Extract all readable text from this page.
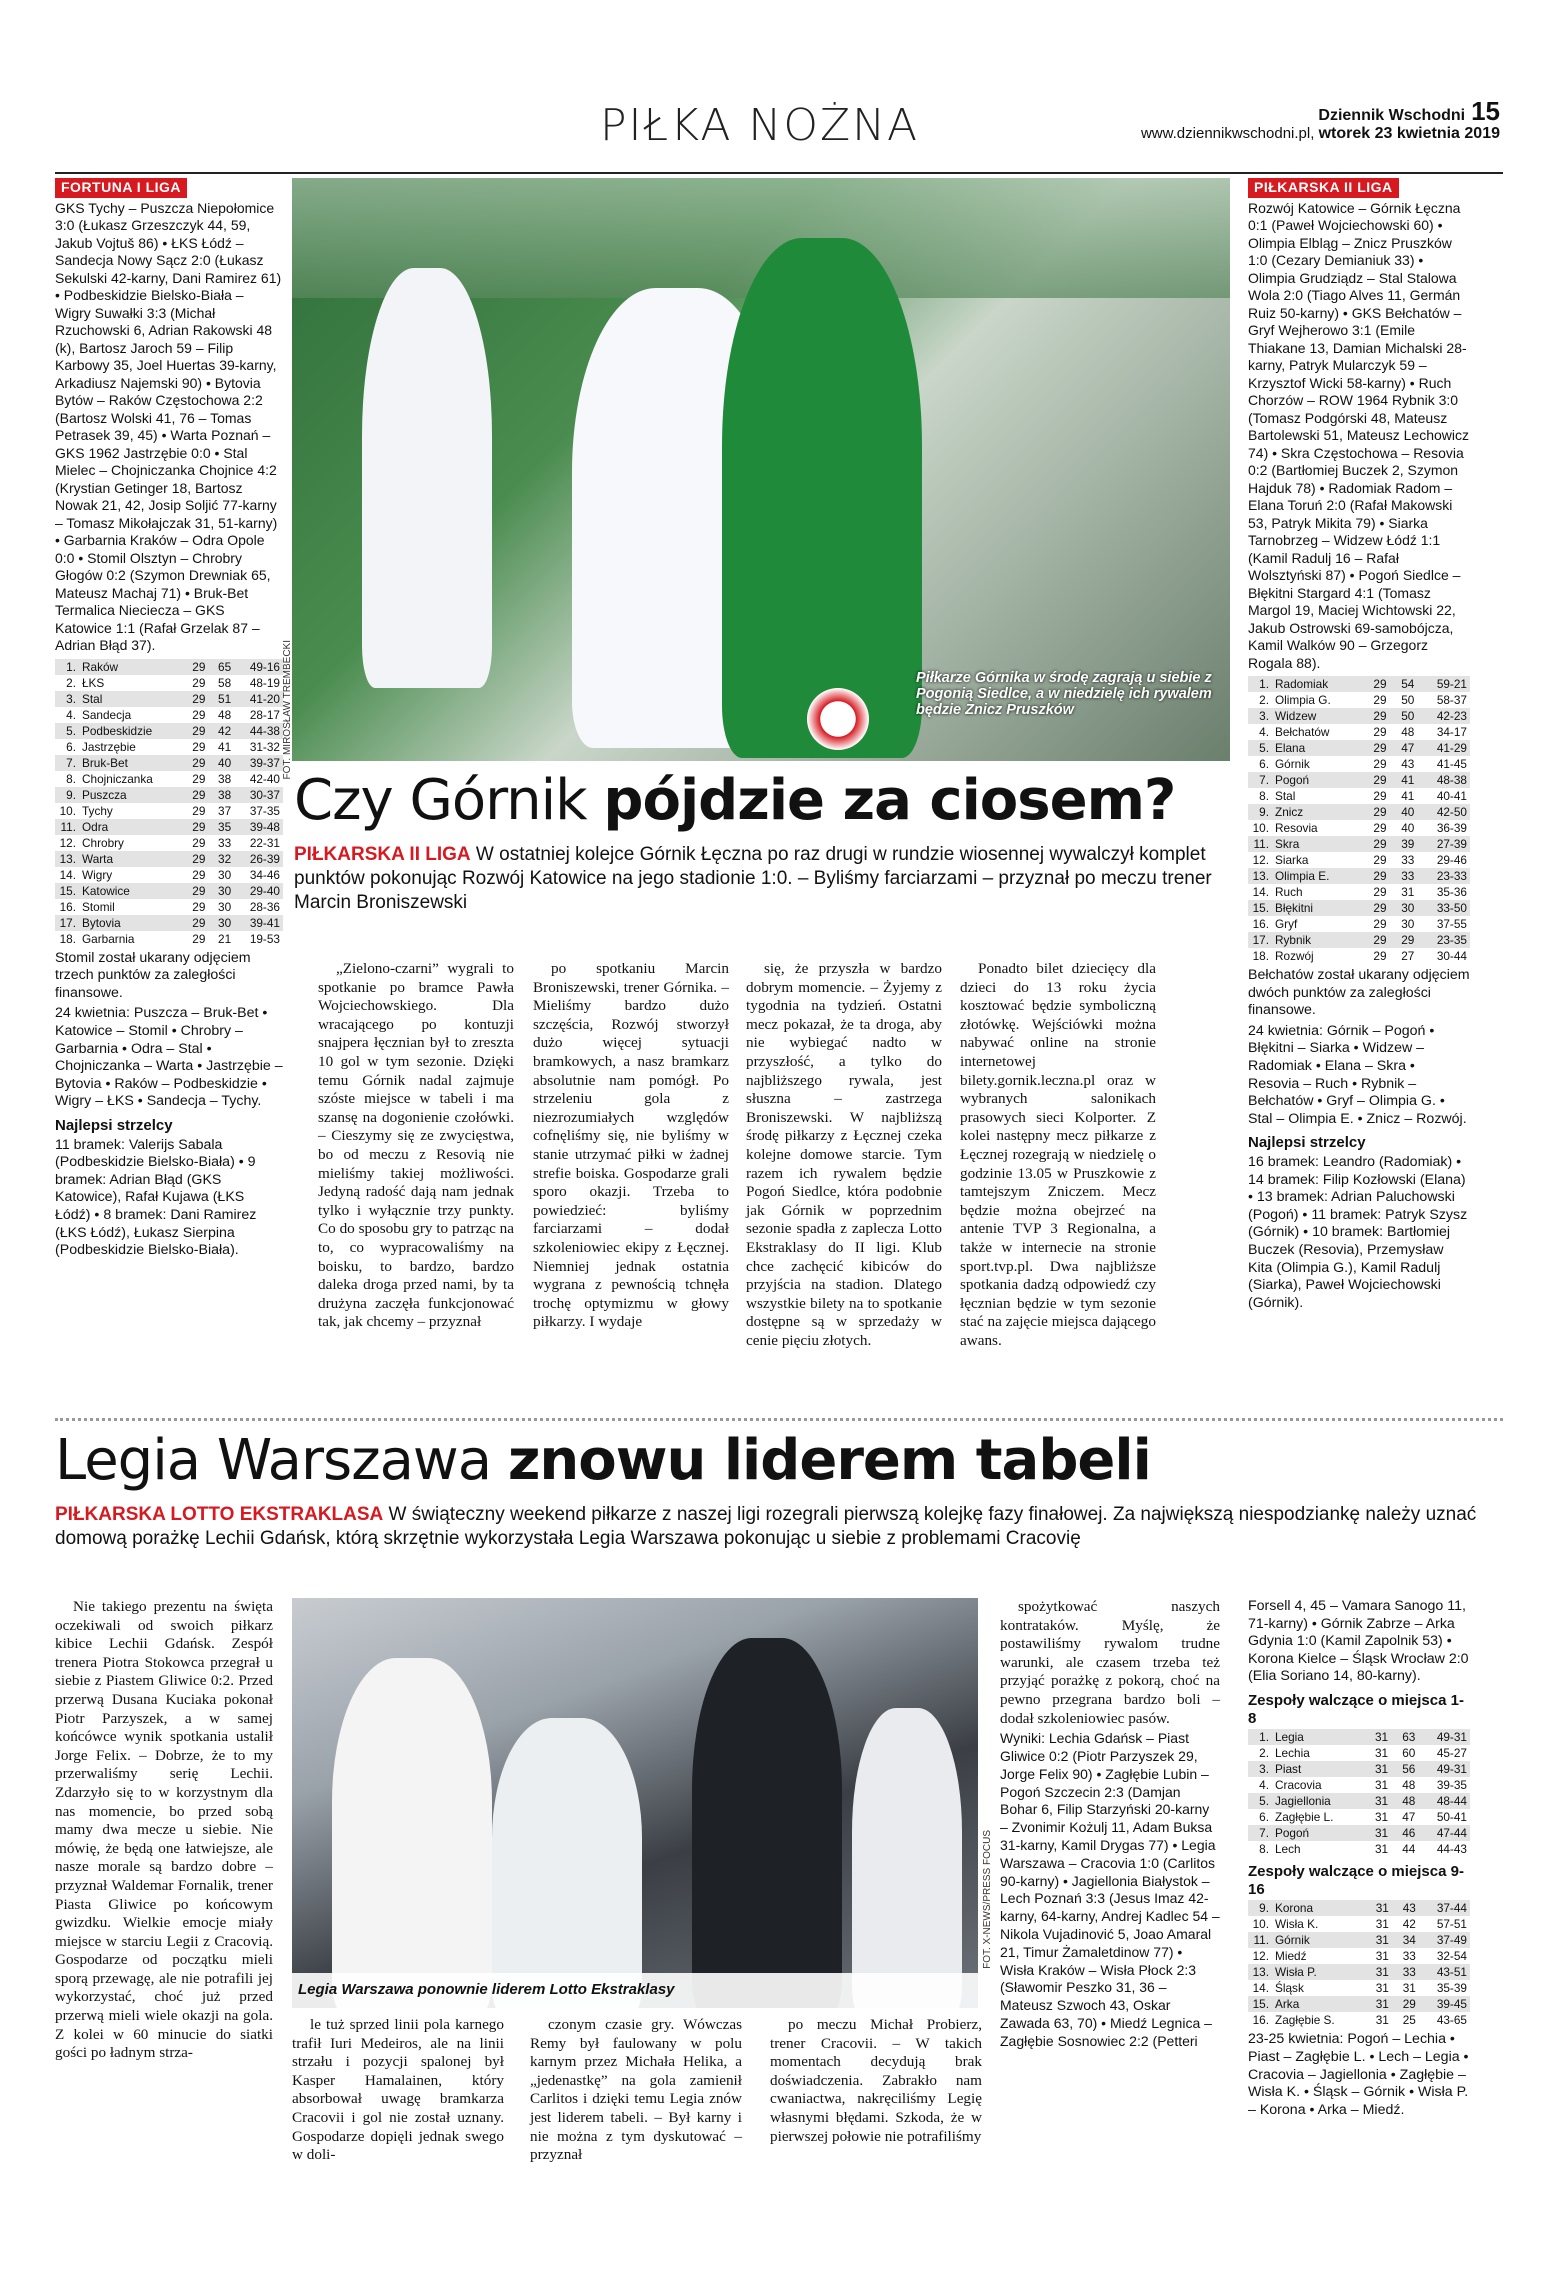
PIŁKA NOŻNA	Dziennik Wschodni 15
www.dziennikwschodni.pl, wtorek 23 kwietnia 2019
FORTUNA I LIGA
GKS Tychy – Puszcza Niepołomice 3:0 (Łukasz Grzeszczyk 44, 59, Jakub Vojtuš 86) • ŁKS Łódź – Sandecja Nowy Sącz 2:0 (Łukasz Sekulski 42-karny, Dani Ramirez 61) • Podbeskidzie Bielsko-Biała – Wigry Suwałki 3:3 (Michał Rzuchowski 6, Adrian Rakowski 48 (k), Bartosz Jaroch 59 – Filip Karbowy 35, Joel Huertas 39-karny, Arkadiusz Najemski 90) • Bytovia Bytów – Raków Częstochowa 2:2 (Bartosz Wolski 41, 76 – Tomas Petrasek 39, 45) • Warta Poznań – GKS 1962 Jastrzębie 0:0 • Stal Mielec – Chojniczanka Chojnice 4:2 (Krystian Getinger 18, Bartosz Nowak 21, 42, Josip Soljić 77-karny – Tomasz Mikołajczak 31, 51-karny) • Garbarnia Kraków – Odra Opole 0:0 • Stomil Olsztyn – Chrobry Głogów 0:2 (Szymon Drewniak 65, Mateusz Machaj 71) • Bruk-Bet Termalica Nieciecza – GKS Katowice 1:1 (Rafał Grzelak 87 – Adrian Błąd 37).
1.	Raków	29	65	49-16
2.	ŁKS	29	58	48-19
3.	Stal	29	51	41-20
4.	Sandecja	29	48	28-17
5.	Podbeskidzie	29	42	44-38
6.	Jastrzębie	29	41	31-32
7.	Bruk-Bet	29	40	39-37
8.	Chojniczanka	29	38	42-40
9.	Puszcza	29	38	30-37
10.	Tychy	29	37	37-35
11.	Odra	29	35	39-48
12.	Chrobry	29	33	22-31
13.	Warta	29	32	26-39
14.	Wigry	29	30	34-46
15.	Katowice	29	30	29-40
16.	Stomil	29	30	28-36
17.	Bytovia	29	30	39-41
18.	Garbarnia	29	21	19-53
Stomil został ukarany odjęciem trzech punktów za zaległości finansowe.
24 kwietnia: Puszcza – Bruk-Bet • Katowice – Stomil • Chrobry – Garbarnia • Odra – Stal • Chojniczanka – Warta • Jastrzębie – Bytovia • Raków – Podbeskidzie • Wigry – ŁKS • Sandecja – Tychy.
Najlepsi strzelcy
11 bramek: Valerijs Sabala (Podbeskidzie Bielsko-Biała) • 9 bramek: Adrian Błąd (GKS Katowice), Rafał Kujawa (ŁKS Łódź) • 8 bramek: Dani Ramirez (ŁKS Łódź), Łukasz Sierpina (Podbeskidzie Bielsko-Biała).
Piłkarze Górnika w środę zagrają u siebie z Pogonią Siedlce, a w niedzielę ich rywalem będzie Znicz Pruszków
FOT. MIROSŁAW TREMBECKI
Czy Górnik pójdzie za ciosem?
PIŁKARSKA II LIGA W ostatniej kolejce Górnik Łęczna po raz drugi w rundzie wiosennej wywalczył komplet punktów pokonując Rozwój Katowice na jego stadionie 1:0. – Byliśmy farciarzami – przyznał po meczu trener Marcin Broniszewski

„Zielono-czarni” wygrali to spotkanie po bramce Pawła Wojciechowskiego. Dla wracającego po kontuzji snajpera łęcznian był to zreszta 10 gol w tym sezonie. Dzięki temu Górnik nadal zajmuje szóste miejsce w tabeli i ma szansę na dogonienie czołówki. – Cieszymy się ze zwycięstwa, bo od meczu z Resovią nie mieliśmy takiej możliwości. Jedyną radość dają nam jednak tylko i wyłącznie trzy punkty. Co do sposobu gry to patrząc na to, co wypracowaliśmy na boisku, to bardzo, bardzo daleka droga przed nami, by ta drużyna zaczęła funkcjonować tak, jak chcemy – przyznał

po spotkaniu Marcin Broniszewski, trener Górnika. – Mieliśmy bardzo dużo szczęścia, Rozwój stworzył dużo więcej sytuacji bramkowych, a nasz bramkarz absolutnie nam pomógł. Po strzeleniu gola z niezrozumiałych względów cofnęliśmy się, nie byliśmy w stanie utrzymać piłki w żadnej strefie boiska. Gospodarze grali sporo okazji. Trzeba to powiedzieć: byliśmy farciarzami – dodał szkoleniowiec ekipy z Łęcznej. Niemniej jednak ostatnia wygrana z pewnością tchnęła trochę optymizmu w głowy piłkarzy. I wydaje

się, że przyszła w bardzo dobrym momencie. – Żyjemy z tygodnia na tydzień. Ostatni mecz pokazał, że ta droga, aby nie wybiegać nadto w przyszłość, a tylko do najbliższego rywala, jest słuszna – zastrzega Broniszewski. W najbliższą środę piłkarzy z Łęcznej czeka kolejne domowe starcie. Tym razem ich rywalem będzie Pogoń Siedlce, która podobnie jak Górnik w poprzednim sezonie spadła z zaplecza Lotto Ekstraklasy do II ligi. Klub chce zachęcić kibiców do przyjścia na stadion. Dlatego wszystkie bilety na to spotkanie dostępne są w sprzedaży w cenie pięciu złotych.

Ponadto bilet dziecięcy dla dzieci do 13 roku życia kosztować będzie symboliczną złotówkę. Wejściówki można nabywać online na stronie internetowej bilety.gornik.leczna.pl oraz w wybranych salonikach prasowych sieci Kolporter. Z kolei następny mecz piłkarze z Łęcznej rozegrają w niedzielę o godzinie 13.05 w Pruszkowie z tamtejszym Zniczem. Mecz będzie można obejrzeć na antenie TVP 3 Regionalna, a także w internecie na stronie sport.tvp.pl. Dwa najbliższe spotkania dadzą odpowiedź czy łęcznian będzie w tym sezonie stać na zajęcie miejsca dającego awans.

PIŁKARSKA II LIGA
Rozwój Katowice – Górnik Łęczna 0:1 (Paweł Wojciechowski 60) • Olimpia Elbląg – Znicz Pruszków 1:0 (Cezary Demianiuk 33) • Olimpia Grudziądz – Stal Stalowa Wola 2:0 (Tiago Alves 11, Germán Ruiz 50-karny) • GKS Bełchatów – Gryf Wejherowo 3:1 (Emile Thiakane 13, Damian Michalski 28-karny, Patryk Mularczyk 59 – Krzysztof Wicki 58-karny) • Ruch Chorzów – ROW 1964 Rybnik 3:0 (Tomasz Podgórski 48, Mateusz Bartolewski 51, Mateusz Lechowicz 74) • Skra Częstochowa – Resovia 0:2 (Bartłomiej Buczek 2, Szymon Hajduk 78) • Radomiak Radom – Elana Toruń 2:0 (Rafał Makowski 53, Patryk Mikita 79) • Siarka Tarnobrzeg – Widzew Łódź 1:1 (Kamil Radulj 16 – Rafał Wolsztyński 87) • Pogoń Siedlce – Błękitni Stargard 4:1 (Tomasz Margol 19, Maciej Wichtowski 22, Jakub Ostrowski 69-samobójcza, Kamil Walków 90 – Grzegorz Rogala 88).
1.	Radomiak	29	54	59-21
2.	Olimpia G.	29	50	58-37
3.	Widzew	29	50	42-23
4.	Bełchatów	29	48	34-17
5.	Elana	29	47	41-29
6.	Górnik	29	43	41-45
7.	Pogoń	29	41	48-38
8.	Stal	29	41	40-41
9.	Znicz	29	40	42-50
10.	Resovia	29	40	36-39
11.	Skra	29	39	27-39
12.	Siarka	29	33	29-46
13.	Olimpia E.	29	33	23-33
14.	Ruch	29	31	35-36
15.	Błękitni	29	30	33-50
16.	Gryf	29	30	37-55
17.	Rybnik	29	29	23-35
18.	Rozwój	29	27	30-44
Bełchatów został ukarany odjęciem dwóch punktów za zaległości finansowe.
24 kwietnia: Górnik – Pogoń • Błękitni – Siarka • Widzew – Radomiak • Elana – Skra • Resovia – Ruch • Rybnik – Bełchatów • Gryf – Olimpia G. • Stal – Olimpia E. • Znicz – Rozwój.
Najlepsi strzelcy
16 bramek: Leandro (Radomiak) • 14 bramek: Filip Kozłowski (Elana) • 13 bramek: Adrian Paluchowski (Pogoń) • 11 bramek: Patryk Szysz (Górnik) • 10 bramek: Bartłomiej Buczek (Resovia), Przemysław Kita (Olimpia G.), Kamil Radulj (Siarka), Paweł Wojciechowski (Górnik).
Legia Warszawa znowu liderem tabeli
PIŁKARSKA LOTTO EKSTRAKLASA W świąteczny weekend piłkarze z naszej ligi rozegrali pierwszą kolejkę fazy finałowej. Za największą niespodziankę należy uznać domową porażkę Lechii Gdańsk, którą skrzętnie wykorzystała Legia Warszawa pokonując u siebie z problemami Cracovię

Nie takiego prezentu na święta oczekiwali od swoich piłkarz kibice Lechii Gdańsk. Zespół trenera Piotra Stokowca przegrał u siebie z Piastem Gliwice 0:2. Przed przerwą Dusana Kuciaka pokonał Piotr Parzyszek, a w samej końcówce wynik spotkania ustalił Jorge Felix. – Dobrze, że to my przerwaliśmy serię Lechii. Zdarzyło się to w korzystnym dla nas momencie, bo przed sobą mamy dwa mecze u siebie. Nie mówię, że będą one łatwiejsze, ale nasze morale są bardzo dobre – przyznał Waldemar Fornalik, trener Piasta Gliwice po końcowym gwizdku. Wielkie emocje miały miejsce w starciu Legii z Cracovią. Gospodarze od początku mieli sporą przewagę, ale nie potrafili jej wykorzystać, choć już przed przerwą mieli wiele okazji na gola. Z kolei w 60 minucie do siatki gości po ładnym strza-

Legia Warszawa ponownie liderem Lotto Ekstraklasy
FOT. X-NEWS/PRESS FOCUS

le tuż sprzed linii pola karnego trafił Iuri Medeiros, ale na linii strzału i pozycji spalonej był Kasper Hamalainen, który absorbował uwagę bramkarza Cracovii i gol nie został uznany. Gospodarze dopięli jednak swego w doli-

czonym czasie gry. Wówczas Remy był faulowany w polu karnym przez Michała Helika, a „jedenastkę” na gola zamienił Carlitos i dzięki temu Legia znów jest liderem tabeli. – Był karny i nie można z tym dyskutować – przyznał

po meczu Michał Probierz, trener Cracovii. – W takich momentach decydują brak doświadczenia. Zabrakło nam cwaniactwa, nakręciliśmy Legię własnymi błędami. Szkoda, że w pierwszej połowie nie potrafiliśmy

spożytkować naszych kontrataków. Myślę, że postawiliśmy rywalom trudne warunki, ale czasem trzeba też przyjąć porażkę z pokorą, choć na pewno przegrana bardzo boli – dodał szkoleniowiec pasów.

Wyniki: Lechia Gdańsk – Piast Gliwice 0:2 (Piotr Parzyszek 29, Jorge Felix 90) • Zagłębie Lubin – Pogoń Szczecin 2:3 (Damjan Bohar 6, Filip Starzyński 20-karny – Zvonimir Kożulj 11, Adam Buksa 31-karny, Kamil Drygas 77) • Legia Warszawa – Cracovia 1:0 (Carlitos 90-karny) • Jagiellonia Białystok – Lech Poznań 3:3 (Jesus Imaz 42-karny, 64-karny, Andrej Kadlec 54 – Nikola Vujadinović 5, Joao Amaral 21, Timur Żamaletdinow 77) • Wisła Kraków – Wisła Płock 2:3 (Sławomir Peszko 31, 36 – Mateusz Szwoch 43, Oskar Zawada 63, 70) • Miedź Legnica – Zagłębie Sosnowiec 2:2 (Petteri
Forsell 4, 45 – Vamara Sanogo 11, 71-karny) • Górnik Zabrze – Arka Gdynia 1:0 (Kamil Zapolnik 53) • Korona Kielce – Śląsk Wrocław 2:0 (Elia Soriano 14, 80-karny).
Zespoły walczące o miejsca 1-8
1.	Legia	31	63	49-31
2.	Lechia	31	60	45-27
3.	Piast	31	56	49-31
4.	Cracovia	31	48	39-35
5.	Jagiellonia	31	48	48-44
6.	Zagłębie L.	31	47	50-41
7.	Pogoń	31	46	47-44
8.	Lech	31	44	44-43
Zespoły walczące o miejsca 9-16
9.	Korona	31	43	37-44
10.	Wisła K.	31	42	57-51
11.	Górnik	31	34	37-49
12.	Miedź	31	33	32-54
13.	Wisła P.	31	33	43-51
14.	Śląsk	31	31	35-39
15.	Arka	31	29	39-45
16.	Zagłębie S.	31	25	43-65
23-25 kwietnia: Pogoń – Lechia • Piast – Zagłębie L. • Lech – Legia • Cracovia – Jagiellonia • Zagłębie – Wisła K. • Śląsk – Górnik • Wisła P. – Korona • Arka – Miedź.
